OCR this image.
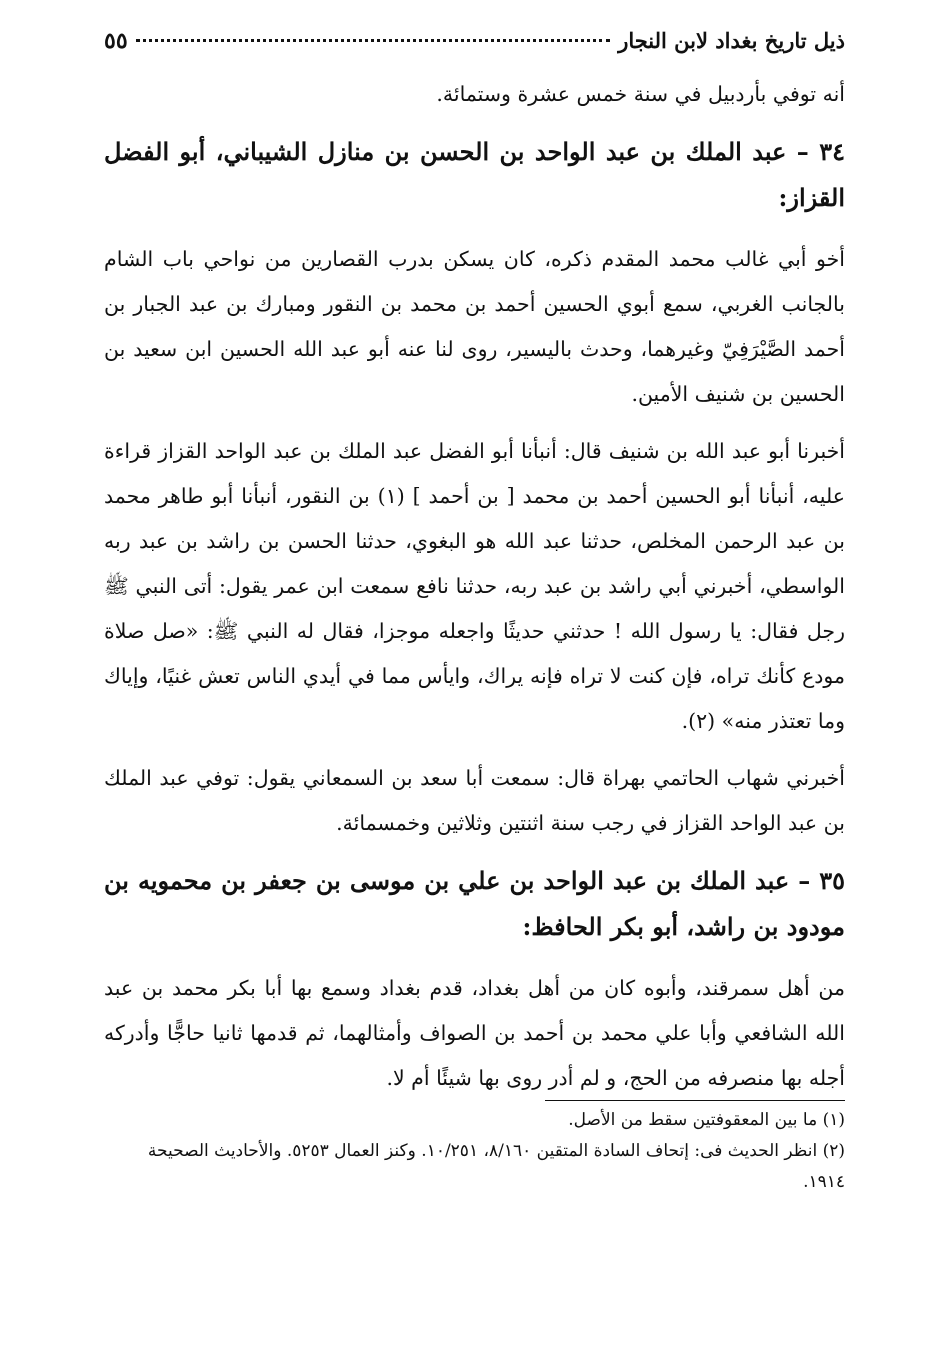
ذيل تاريخ بغداد لابن النجار
٥٥

أنه توفي بأردبيل في سنة خمس عشرة وستمائة.

٣٤ – عبد الملك بن عبد الواحد بن الحسن بن منازل الشيباني، أبو الفضل القزاز:

أخو أبي غالب محمد المقدم ذكره، كان يسكن بدرب القصارين من نواحي باب الشام بالجانب الغربي، سمع أبوي الحسين أحمد بن محمد بن النقور ومبارك بن عبد الجبار بن أحمد الصَّيْرَفِيّ وغيرهما، وحدث باليسير، روى لنا عنه أبو عبد الله الحسين ابن سعيد بن الحسين بن شنيف الأمين.

أخبرنا أبو عبد الله بن شنيف قال: أنبأنا أبو الفضل عبد الملك بن عبد الواحد القزاز قراءة عليه، أنبأنا أبو الحسين أحمد بن محمد [ بن أحمد ] (١) بن النقور، أنبأنا أبو طاهر محمد بن عبد الرحمن المخلص، حدثنا عبد الله هو البغوي، حدثنا الحسن بن راشد بن عبد ربه الواسطي، أخبرني أبي راشد بن عبد ربه، حدثنا نافع سمعت ابن عمر يقول: أتى النبي ﷺ رجل فقال: يا رسول الله ! حدثني حديثًا واجعله موجزا، فقال له النبي ﷺ: «صل صلاة مودع كأنك تراه، فإن كنت لا تراه فإنه يراك، وايأس مما في أيدي الناس تعش غنيًا، وإياك وما تعتذر منه» (٢).

أخبرني شهاب الحاتمي بهراة قال: سمعت أبا سعد بن السمعاني يقول: توفي عبد الملك بن عبد الواحد القزاز في رجب سنة اثنتين وثلاثين وخمسمائة.

٣٥ – عبد الملك بن عبد الواحد بن علي بن موسى بن جعفر بن محمويه بن مودود بن راشد، أبو بكر الحافظ:

من أهل سمرقند، وأبوه كان من أهل بغداد، قدم بغداد وسمع بها أبا بكر محمد بن عبد الله الشافعي وأبا علي محمد بن أحمد بن الصواف وأمثالهما، ثم قدمها ثانيا حاجًّا وأدركه أجله بها منصرفه من الحج، و لم أدر روى بها شيئًا أم لا.

(١) ما بين المعقوفتين سقط من الأصل.

(٢) انظر الحديث فى: إتحاف السادة المتقين ٨/١٦٠، ١٠/٢٥١. وكنز العمال ٥٢٥٣. والأحاديث الصحيحة ١٩١٤.
